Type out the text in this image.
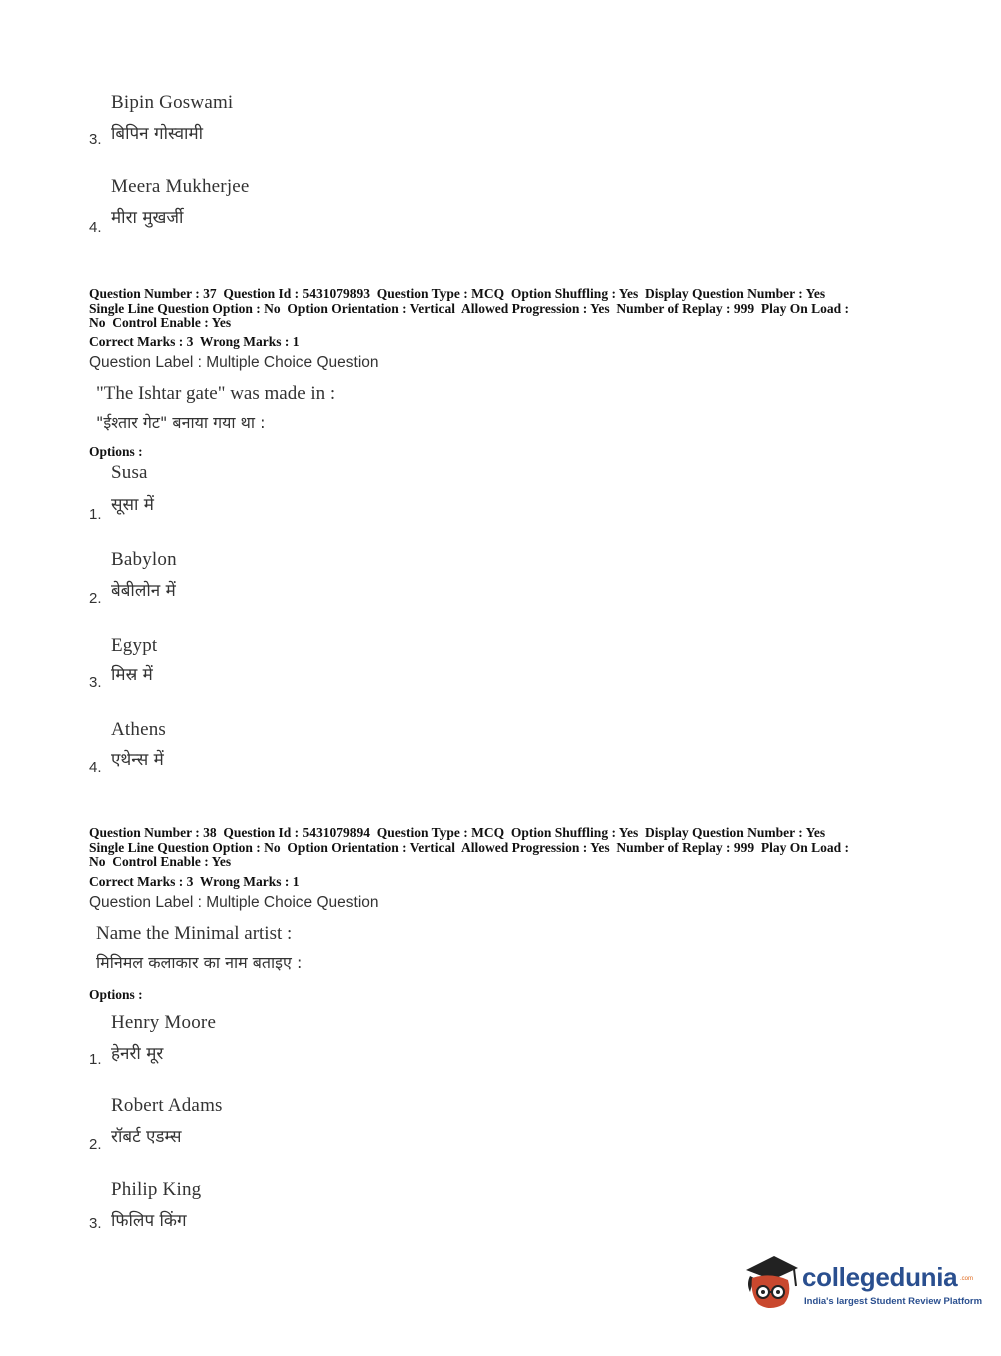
Bipin Goswami
बिपिन गोस्वामी
3.
Meera Mukherjee
मीरा मुखर्जी
4.
Question Number : 37  Question Id : 5431079893  Question Type : MCQ  Option Shuffling : Yes  Display Question Number : Yes
Single Line Question Option : No  Option Orientation : Vertical  Allowed Progression : Yes  Number of Replay : 999  Play On Load :
No  Control Enable : Yes
Correct Marks : 3  Wrong Marks : 1
Question Label : Multiple Choice Question
"The Ishtar gate" was made in :
"ईश्तार गेट" बनाया गया था :
Options :
Susa
सूसा में
1.
Babylon
बेबीलोन में
2.
Egypt
मिस्र में
3.
Athens
एथेन्स में
4.
Question Number : 38  Question Id : 5431079894  Question Type : MCQ  Option Shuffling : Yes  Display Question Number : Yes
Single Line Question Option : No  Option Orientation : Vertical  Allowed Progression : Yes  Number of Replay : 999  Play On Load :
No  Control Enable : Yes
Correct Marks : 3  Wrong Marks : 1
Question Label : Multiple Choice Question
Name the Minimal artist :
मिनिमल कलाकार का नाम बताइए :
Options :
Henry Moore
हेनरी मूर
1.
Robert Adams
रॉबर्ट एडम्स
2.
Philip King
फिलिप किंग
3.
collegedunia .com
India's largest Student Review Platform
